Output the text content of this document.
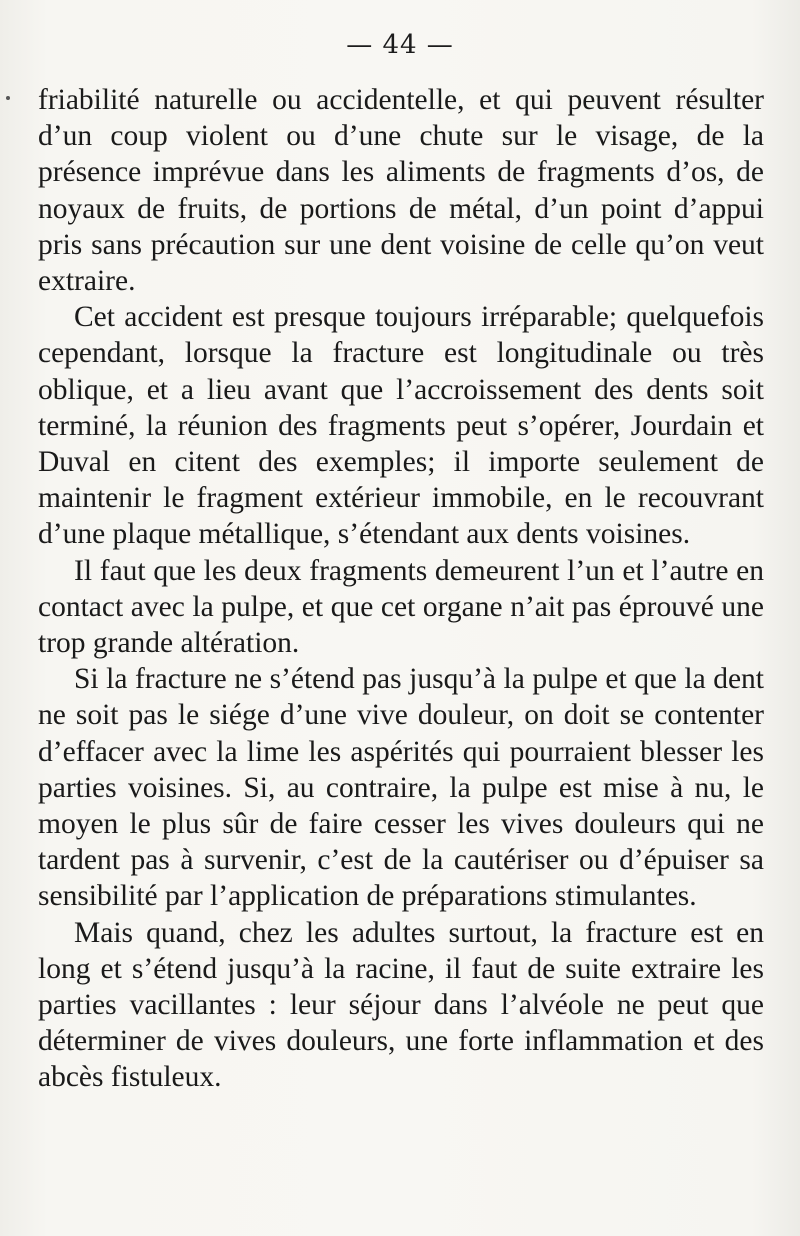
— 44 —

friabilité naturelle ou accidentelle, et qui peuvent résulter d’un coup violent ou d’une chute sur le visage, de la présence imprévue dans les aliments de fragments d’os, de noyaux de fruits, de portions de métal, d’un point d’appui pris sans précaution sur une dent voisine de celle qu’on veut extraire.

Cet accident est presque toujours irréparable; quelquefois cependant, lorsque la fracture est longitudinale ou très oblique, et a lieu avant que l’accroissement des dents soit terminé, la réunion des fragments peut s’opérer, Jourdain et Duval en citent des exemples; il importe seulement de maintenir le fragment extérieur immobile, en le recouvrant d’une plaque métallique, s’étendant aux dents voisines.

Il faut que les deux fragments demeurent l’un et l’autre en contact avec la pulpe, et que cet organe n’ait pas éprouvé une trop grande altération.

Si la fracture ne s’étend pas jusqu’à la pulpe et que la dent ne soit pas le siége d’une vive douleur, on doit se contenter d’effacer avec la lime les aspérités qui pourraient blesser les parties voisines. Si, au contraire, la pulpe est mise à nu, le moyen le plus sûr de faire cesser les vives douleurs qui ne tardent pas à survenir, c’est de la cautériser ou d’épuiser sa sensibilité par l’application de préparations stimulantes.

Mais quand, chez les adultes surtout, la fracture est en long et s’étend jusqu’à la racine, il faut de suite extraire les parties vacillantes : leur séjour dans l’alvéole ne peut que déterminer de vives douleurs, une forte inflammation et des abcès fistuleux.
